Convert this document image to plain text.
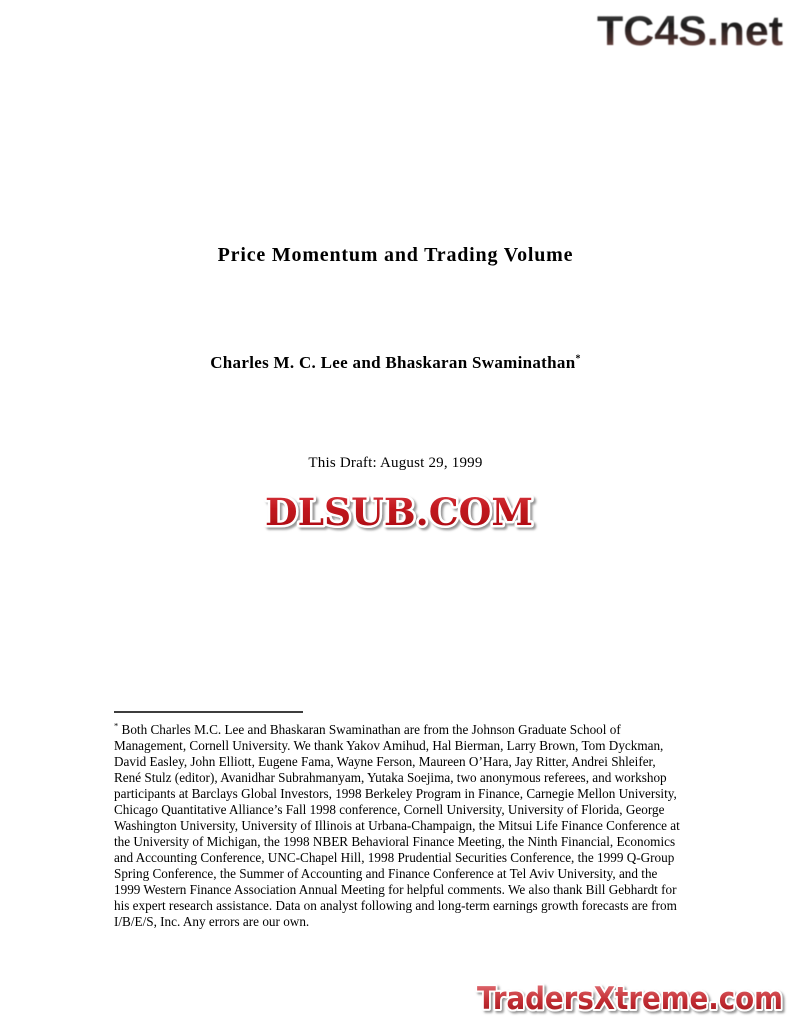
TC4S.net
Price Momentum and Trading Volume
Charles M. C. Lee and Bhaskaran Swaminathan*
This Draft: August 29, 1999
DLSUB.COM

* Both Charles M.C. Lee and Bhaskaran Swaminathan are from the Johnson Graduate School of Management, Cornell University. We thank Yakov Amihud, Hal Bierman, Larry Brown, Tom Dyckman, David Easley, John Elliott, Eugene Fama, Wayne Ferson, Maureen O’Hara, Jay Ritter, Andrei Shleifer, René Stulz (editor), Avanidhar Subrahmanyam, Yutaka Soejima, two anonymous referees, and workshop participants at Barclays Global Investors, 1998 Berkeley Program in Finance, Carnegie Mellon University, Chicago Quantitative Alliance’s Fall 1998 conference, Cornell University, University of Florida, George Washington University, University of Illinois at Urbana-Champaign, the Mitsui Life Finance Conference at the University of Michigan, the 1998 NBER Behavioral Finance Meeting, the Ninth Financial, Economics and Accounting Conference, UNC-Chapel Hill, 1998 Prudential Securities Conference, the 1999 Q-Group Spring Conference, the Summer of Accounting and Finance Conference at Tel Aviv University, and the 1999 Western Finance Association Annual Meeting for helpful comments. We also thank Bill Gebhardt for his expert research assistance. Data on analyst following and long-term earnings growth forecasts are from I/B/E/S, Inc. Any errors are our own.

TradersXtreme.com
